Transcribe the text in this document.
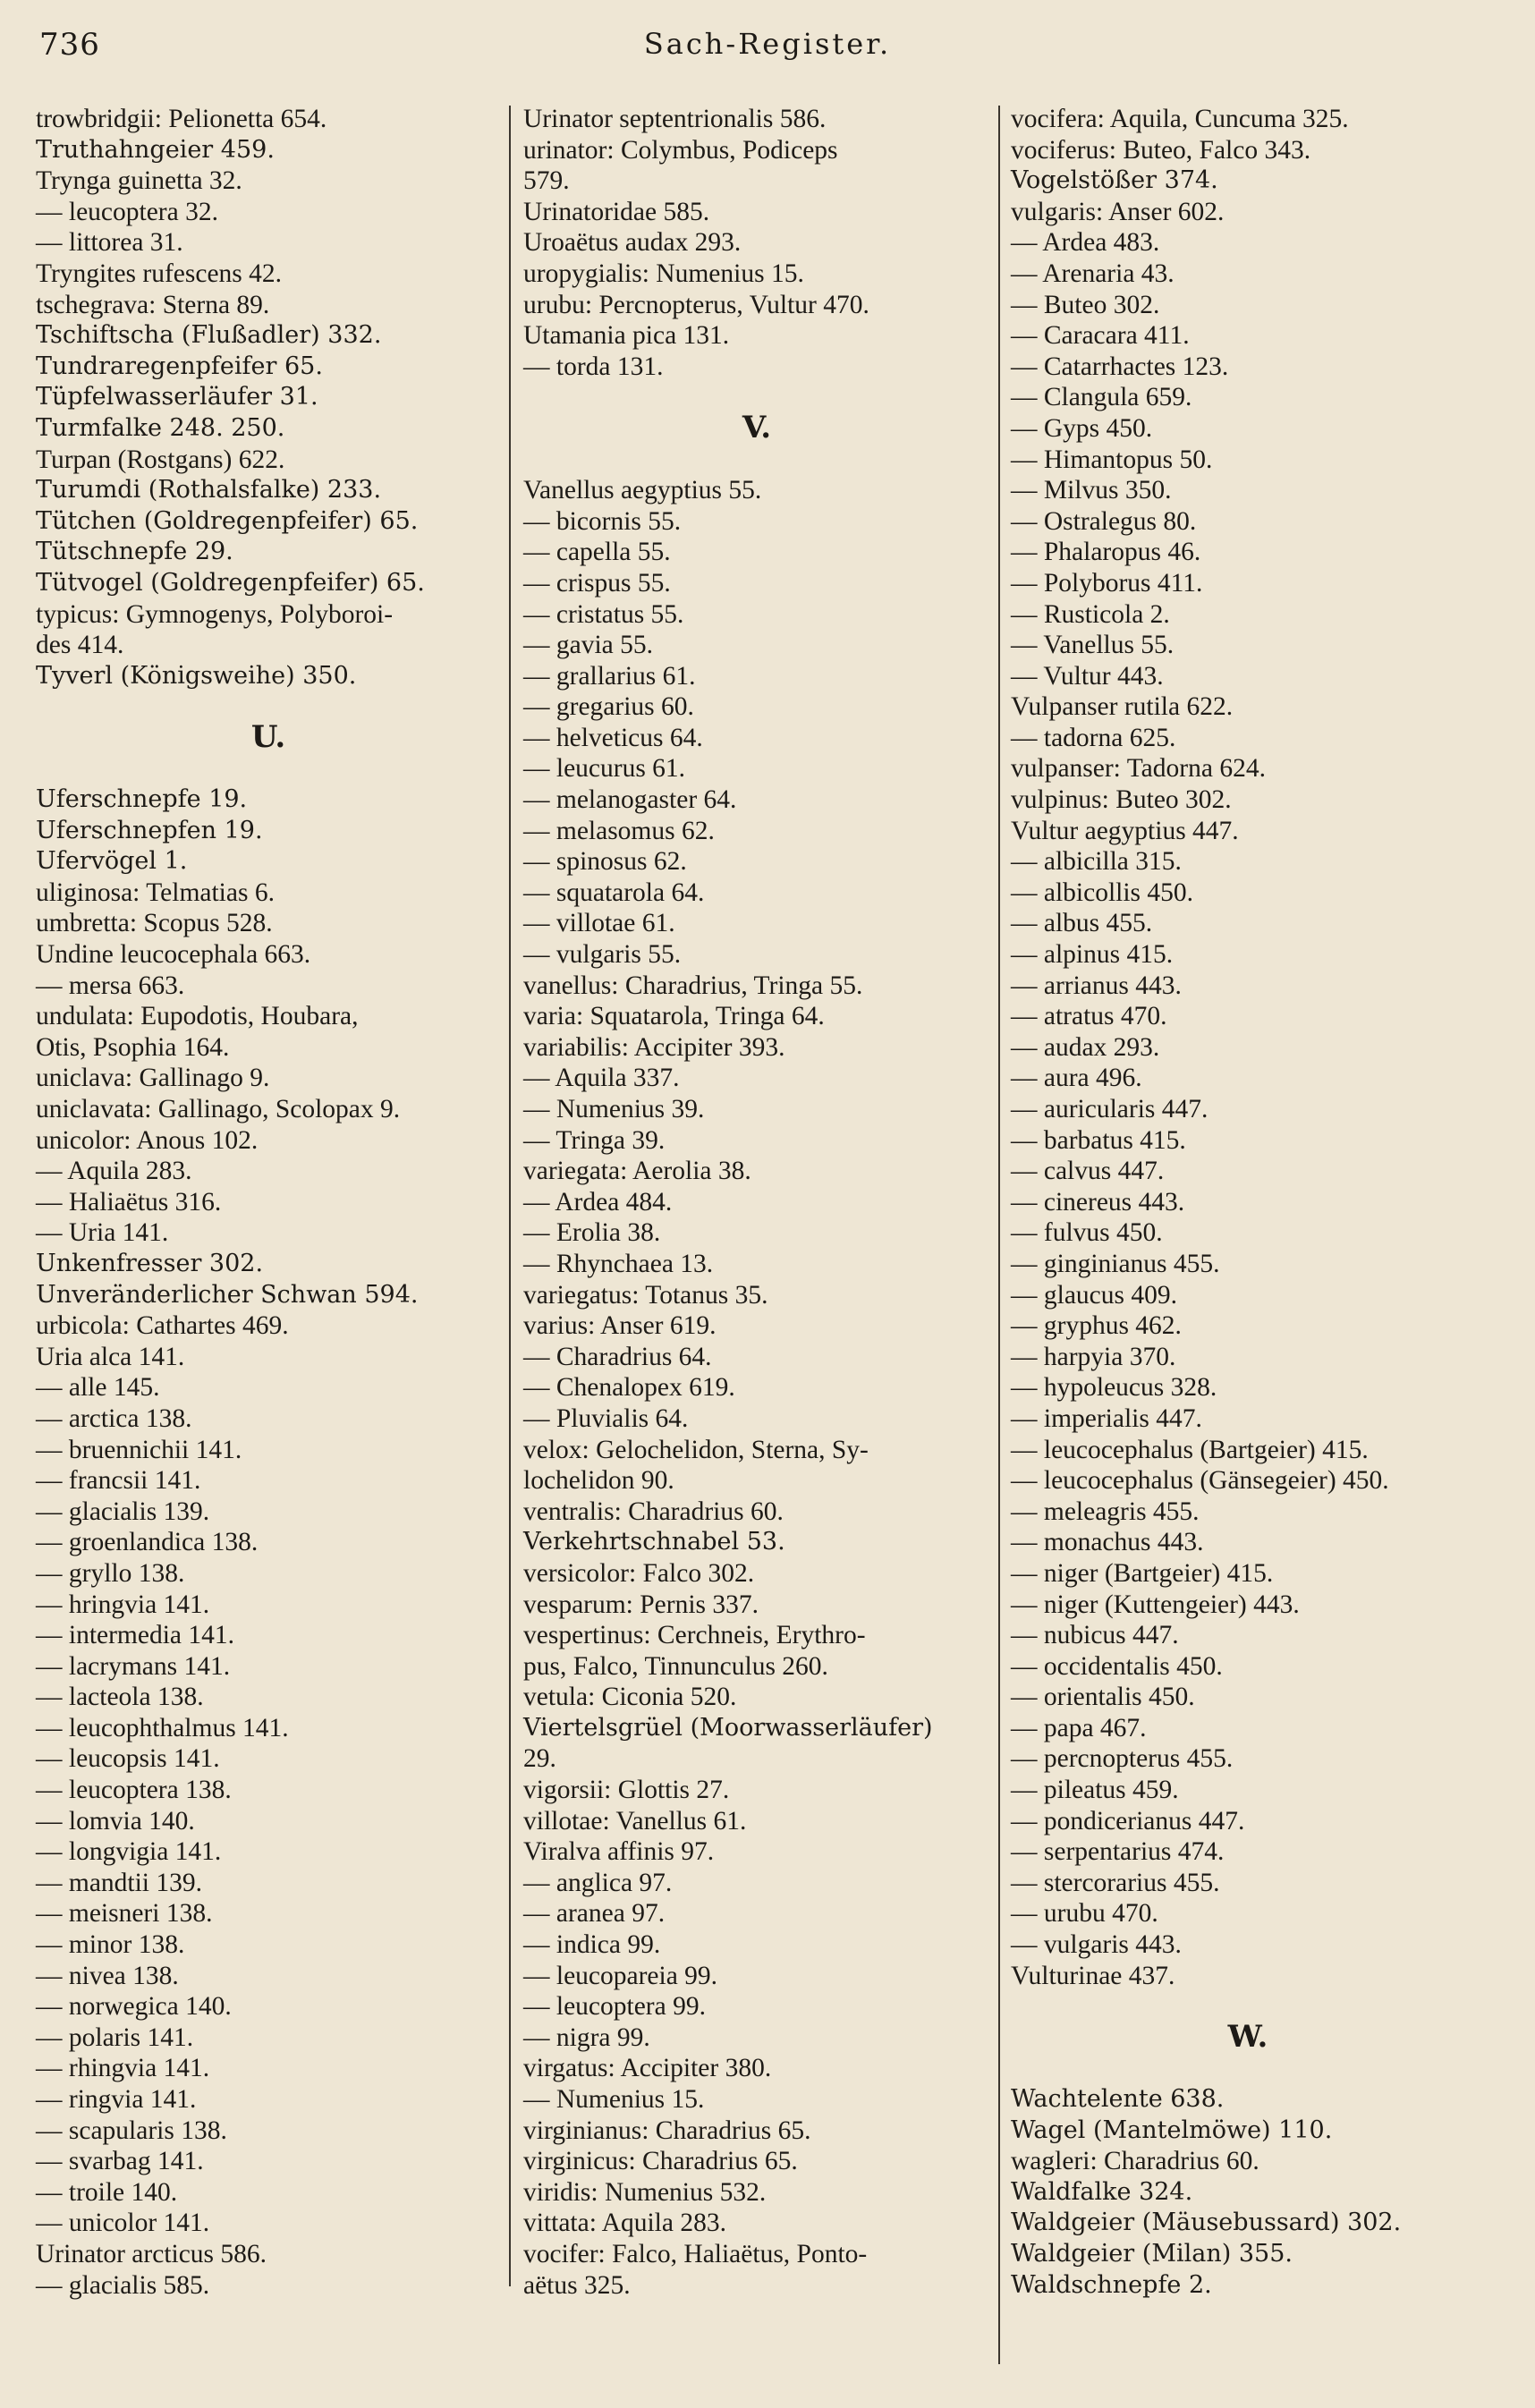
736	Sach-Register.
trowbridgii: Pelionetta 654.
Truthahngeier 459.
Trynga guinetta 32.
— leucoptera 32.
— littorea 31.
Tryngites rufescens 42.
tschegrava: Sterna 89.
Tschiftscha (Flußadler) 332.
Tundraregenpfeifer 65.
Tüpfelwasserläufer 31.
Turmfalke 248. 250.
Turpan (Rostgans) 622.
Turumdi (Rothalsfalke) 233.
Tütchen (Goldregenpfeifer) 65.
Tütschnepfe 29.
Tütvogel (Goldregenpfeifer) 65.
typicus: Gymnogenys, Polyboroi-
des 414.
Tyverl (Königsweihe) 350.
U.
Uferschnepfe 19.
Uferschnepfen 19.
Ufervögel 1.
uliginosa: Telmatias 6.
umbretta: Scopus 528.
Undine leucocephala 663.
— mersa 663.
undulata: Eupodotis, Houbara,
Otis, Psophia 164.
uniclava: Gallinago 9.
uniclavata: Gallinago, Scolopax 9.
unicolor: Anous 102.
— Aquila 283.
— Haliaëtus 316.
— Uria 141.
Unkenfresser 302.
Unveränderlicher Schwan 594.
urbicola: Cathartes 469.
Uria alca 141.
— alle 145.
— arctica 138.
— bruennichii 141.
— francsii 141.
— glacialis 139.
— groenlandica 138.
— gryllo 138.
— hringvia 141.
— intermedia 141.
— lacrymans 141.
— lacteola 138.
— leucophthalmus 141.
— leucopsis 141.
— leucoptera 138.
— lomvia 140.
— longvigia 141.
— mandtii 139.
— meisneri 138.
— minor 138.
— nivea 138.
— norwegica 140.
— polaris 141.
— rhingvia 141.
— ringvia 141.
— scapularis 138.
— svarbag 141.
— troile 140.
— unicolor 141.
Urinator arcticus 586.
— glacialis 585.
Urinator septentrionalis 586.
urinator: Colymbus, Podiceps
579.
Urinatoridae 585.
Uroaëtus audax 293.
uropygialis: Numenius 15.
urubu: Percnopterus, Vultur 470.
Utamania pica 131.
— torda 131.
V.
Vanellus aegyptius 55.
— bicornis 55.
— capella 55.
— crispus 55.
— cristatus 55.
— gavia 55.
— grallarius 61.
— gregarius 60.
— helveticus 64.
— leucurus 61.
— melanogaster 64.
— melasomus 62.
— spinosus 62.
— squatarola 64.
— villotae 61.
— vulgaris 55.
vanellus: Charadrius, Tringa 55.
varia: Squatarola, Tringa 64.
variabilis: Accipiter 393.
— Aquila 337.
— Numenius 39.
— Tringa 39.
variegata: Aerolia 38.
— Ardea 484.
— Erolia 38.
— Rhynchaea 13.
variegatus: Totanus 35.
varius: Anser 619.
— Charadrius 64.
— Chenalopex 619.
— Pluvialis 64.
velox: Gelochelidon, Sterna, Sy-
lochelidon 90.
ventralis: Charadrius 60.
Verkehrtschnabel 53.
versicolor: Falco 302.
vesparum: Pernis 337.
vespertinus: Cerchneis, Erythro-
pus, Falco, Tinnunculus 260.
vetula: Ciconia 520.
Viertelsgrüel (Moorwasserläufer)
29.
vigorsii: Glottis 27.
villotae: Vanellus 61.
Viralva affinis 97.
— anglica 97.
— aranea 97.
— indica 99.
— leucopareia 99.
— leucoptera 99.
— nigra 99.
virgatus: Accipiter 380.
— Numenius 15.
virginianus: Charadrius 65.
virginicus: Charadrius 65.
viridis: Numenius 532.
vittata: Aquila 283.
vocifer: Falco, Haliaëtus, Ponto-
aëtus 325.
vocifera: Aquila, Cuncuma 325.
vociferus: Buteo, Falco 343.
Vogelstößer 374.
vulgaris: Anser 602.
— Ardea 483.
— Arenaria 43.
— Buteo 302.
— Caracara 411.
— Catarrhactes 123.
— Clangula 659.
— Gyps 450.
— Himantopus 50.
— Milvus 350.
— Ostralegus 80.
— Phalaropus 46.
— Polyborus 411.
— Rusticola 2.
— Vanellus 55.
— Vultur 443.
Vulpanser rutila 622.
— tadorna 625.
vulpanser: Tadorna 624.
vulpinus: Buteo 302.
Vultur aegyptius 447.
— albicilla 315.
— albicollis 450.
— albus 455.
— alpinus 415.
— arrianus 443.
— atratus 470.
— audax 293.
— aura 496.
— auricularis 447.
— barbatus 415.
— calvus 447.
— cinereus 443.
— fulvus 450.
— ginginianus 455.
— glaucus 409.
— gryphus 462.
— harpyia 370.
— hypoleucus 328.
— imperialis 447.
— leucocephalus (Bartgeier) 415.
— leucocephalus (Gänsegeier) 450.
— meleagris 455.
— monachus 443.
— niger (Bartgeier) 415.
— niger (Kuttengeier) 443.
— nubicus 447.
— occidentalis 450.
— orientalis 450.
— papa 467.
— percnopterus 455.
— pileatus 459.
— pondicerianus 447.
— serpentarius 474.
— stercorarius 455.
— urubu 470.
— vulgaris 443.
Vulturinae 437.
W.
Wachtelente 638.
Wagel (Mantelmöwe) 110.
wagleri: Charadrius 60.
Waldfalke 324.
Waldgeier (Mäusebussard) 302.
Waldgeier (Milan) 355.
Waldschnepfe 2.
